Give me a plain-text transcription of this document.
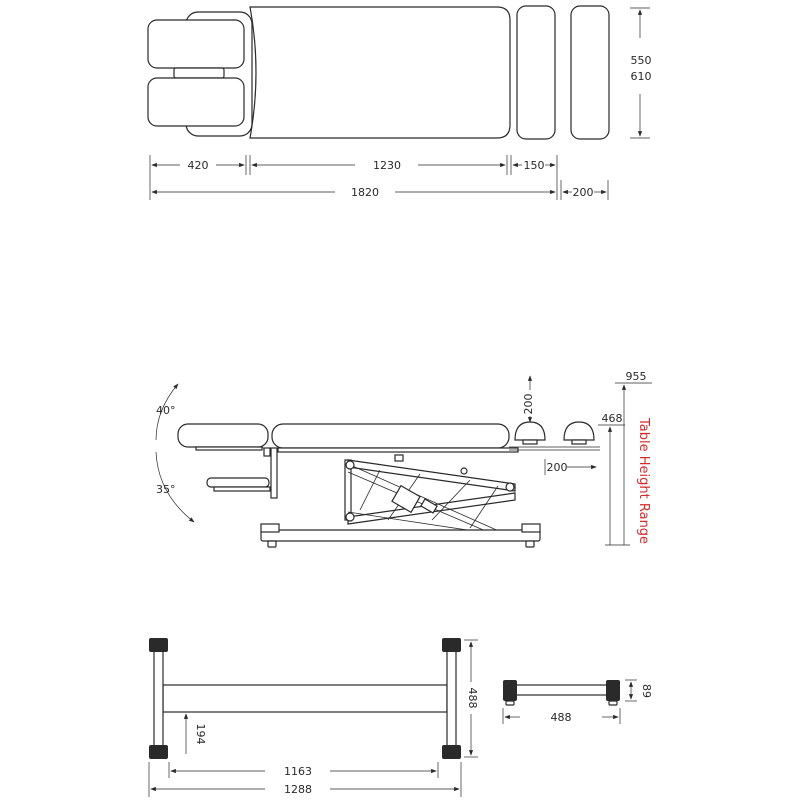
550
610
420	1230	150
1820	200
40°
35°
200
200
955
468 Table Height Range
488
194
1163
1288
89
488
